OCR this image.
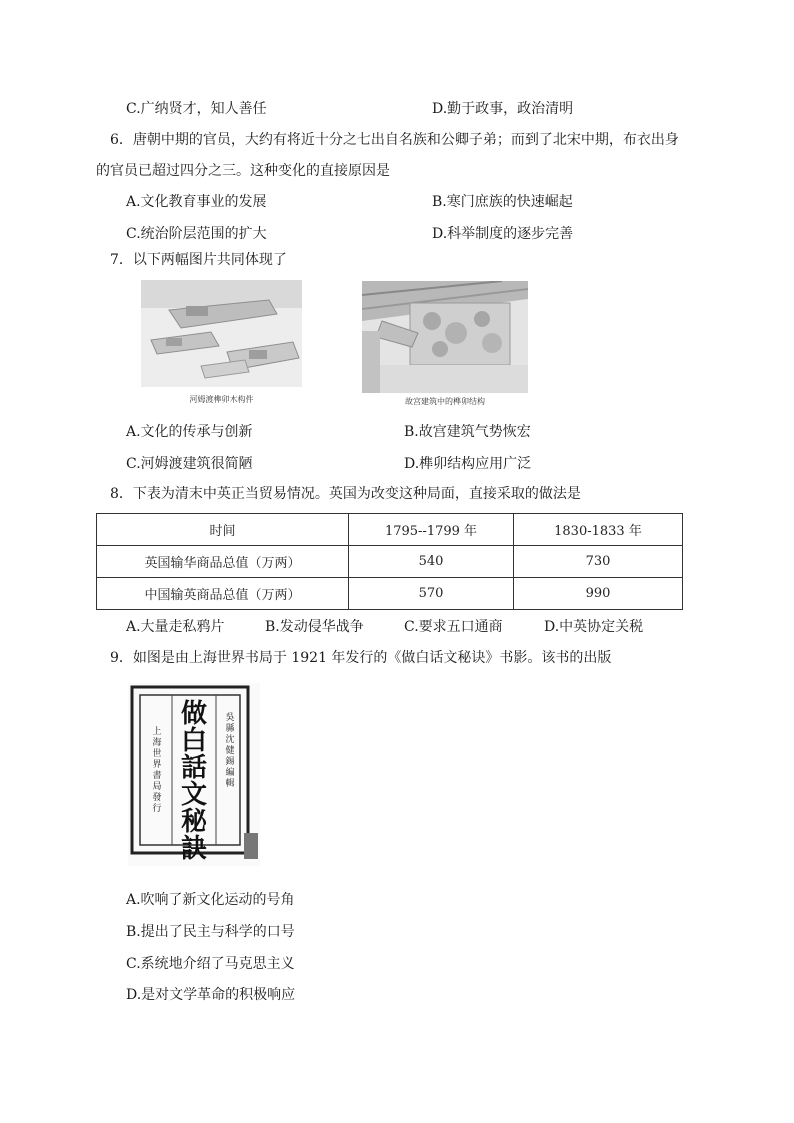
C.广纳贤才，知人善任	D.勤于政事，政治清明
6．唐朝中期的官员，大约有将近十分之七出自名族和公卿子弟；而到了北宋中期，布衣出身
的官员已超过四分之三。这种变化的直接原因是
A.文化教育事业的发展	B.寒门庶族的快速崛起
C.统治阶层范围的扩大	D.科举制度的逐步完善
7．以下两幅图片共同体现了
河姆渡榫卯木构件	故宫建筑中的榫卯结构
A.文化的传承与创新	B.故宫建筑气势恢宏
C.河姆渡建筑很简陋	D.榫卯结构应用广泛
8．下表为清末中英正当贸易情况。英国为改变这种局面，直接采取的做法是
时间	1795--1799 年	1830-1833 年
英国输华商品总值（万两）	540	730
中国输英商品总值（万两）	570	990
A.大量走私鸦片	B.发动侵华战争	C.要求五口通商	D.中英协定关税
9．如图是由上海世界书局于 1921 年发行的《做白话文秘诀》书影。该书的出版
做白話文秘訣
吳縣沈健錫編輯
上海世界書局發行
A.吹响了新文化运动的号角
B.提出了民主与科学的口号
C.系统地介绍了马克思主义
D.是对文学革命的积极响应
